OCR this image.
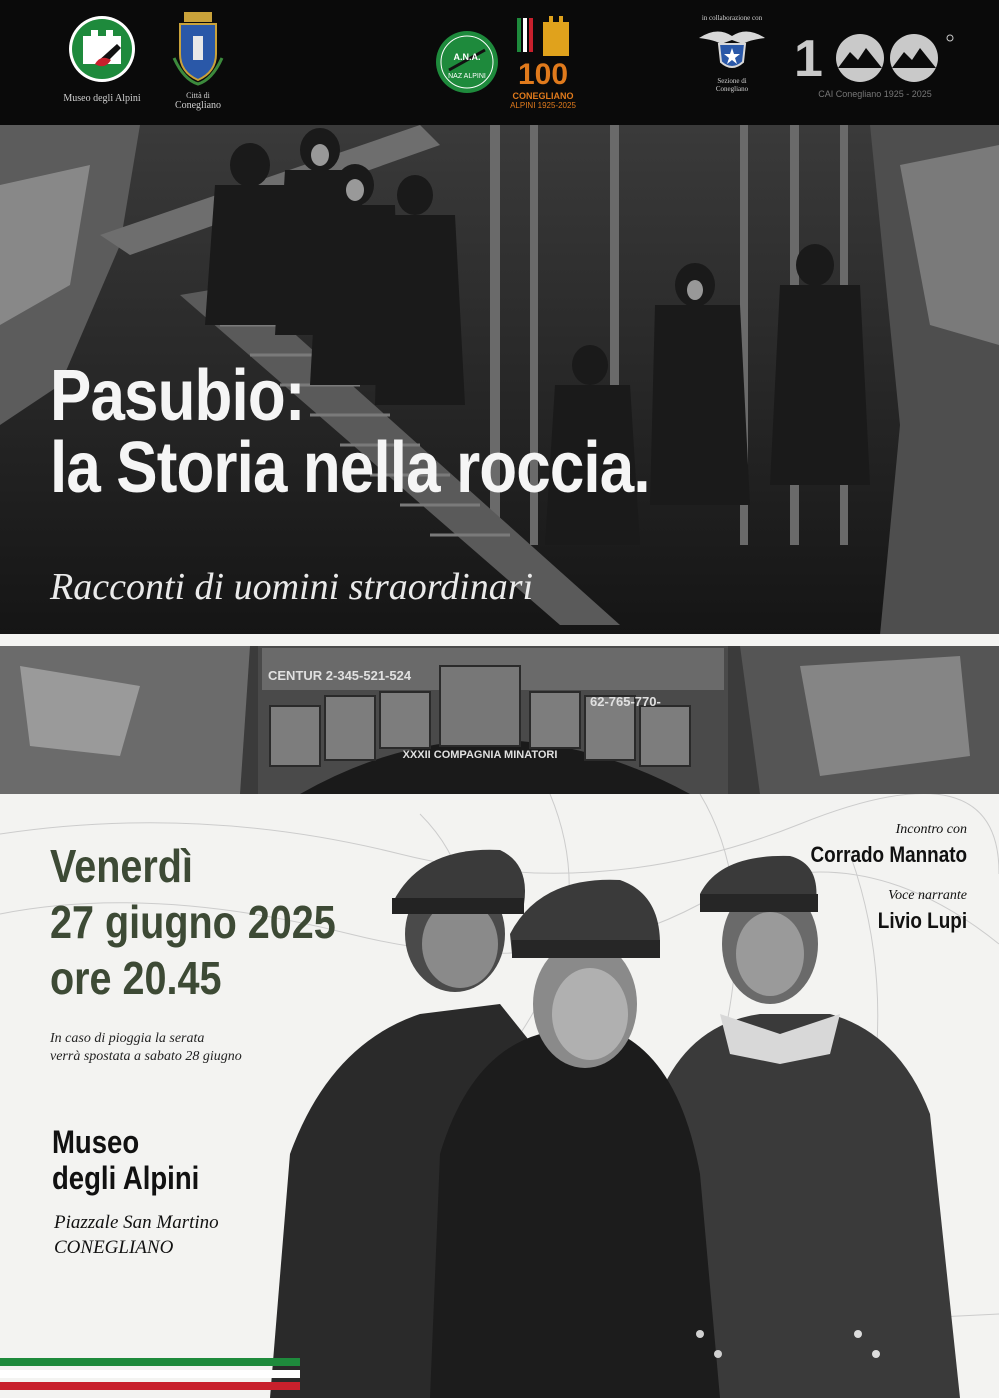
Museo degli Alpini	Città di
Conegliano
A.N.A.
NAZ ALPINI 100
CONEGLIANO
ALPINI 1925-2025
in collaborazione con
Sezione di
Conegliano
1
CAI Conegliano 1925 - 2025
Pasubio:
la Storia nella roccia.
Racconti di uomini straordinari
CENTUR 2-345-521-524
XXXII COMPAGNIA MINATORI
62-765-770-
Venerdì
27 giugno 2025
ore 20.45
In caso di pioggia la serata
verrà spostata a sabato 28 giugno
Museo
degli Alpini
Piazzale San Martino
CONEGLIANO
Incontro con
Corrado Mannato
Voce narrante
Livio Lupi
